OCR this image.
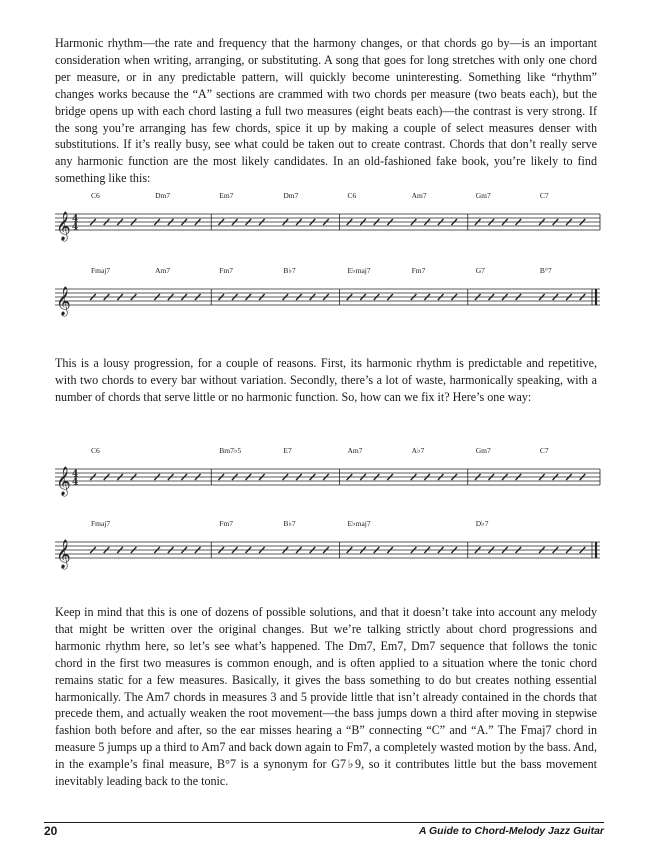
Harmonic rhythm—the rate and frequency that the harmony changes, or that chords go by—is an important consideration when writing, arranging, or substituting. A song that goes for long stretches with only one chord per measure, or in any predictable pattern, will quickly become uninteresting. Something like “rhythm” changes works because the “A” sections are crammed with two chords per measure (two beats each), but the bridge opens up with each chord lasting a full two measures (eight beats each)—the contrast is very strong. If the song you’re arranging has few chords, spice it up by making a couple of select measures denser with substitutions. If it’s really busy, see what could be taken out to create contrast. Chords that don’t really serve any harmonic function are the most likely candidates. In an old-fashioned fake book, you’re likely to find something like this:

𝄞 4
4
C6	Dm7	Em7	Dm7	C6	Am7	Gm7	C7
𝄞
Fmaj7	Am7	Fm7	B♭7	E♭maj7	Fm7	G7	B°7

This is a lousy progression, for a couple of reasons. First, its harmonic rhythm is predictable and repetitive, with two chords to every bar without variation. Secondly, there’s a lot of waste, harmonically speaking, with a number of chords that serve little or no harmonic function. So, how can we fix it? Here’s one way:

𝄞 4
4
C6	Bm7♭5	E7	Am7	A♭7	Gm7	C7
𝄞
Fmaj7	Fm7	B♭7	E♭maj7	D♭7

Keep in mind that this is one of dozens of possible solutions, and that it doesn’t take into account any melody that might be written over the original changes. But we’re talking strictly about chord progressions and harmonic rhythm here, so let’s see what’s happened. The Dm7, Em7, Dm7 sequence that follows the tonic chord in the first two measures is common enough, and is often applied to a situation where the tonic chord remains static for a few measures. Basically, it gives the bass something to do but creates nothing essential harmonically. The Am7 chords in measures 3 and 5 provide little that isn’t already contained in the chords that precede them, and actually weaken the root movement—the bass jumps down a third after moving in stepwise fashion both before and after, so the ear misses hearing a “B” connecting “C” and “A.” The Fmaj7 chord in measure 5 jumps up a third to Am7 and back down again to Fm7, a completely wasted motion by the bass. And, in the example’s final measure, B°7 is a synonym for G7♭9, so it contributes little but the bass movement inevitably leading back to the tonic.

20	A Guide to Chord-Melody Jazz Guitar
